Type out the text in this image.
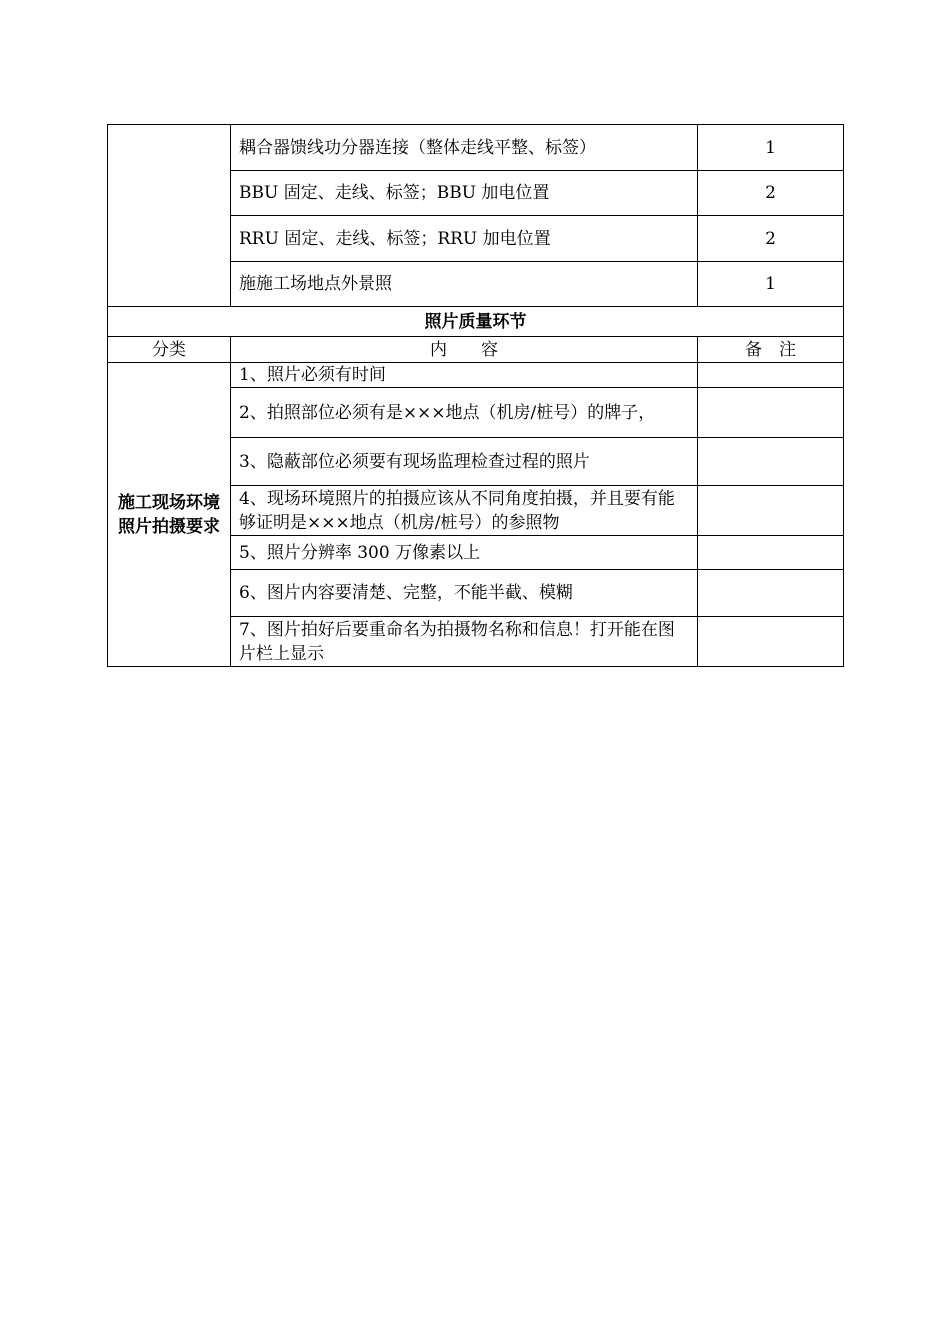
	耦合器馈线功分器连接（整体走线平整、标签）	1
	BBU 固定、走线、标签；BBU 加电位置	2
	RRU 固定、走线、标签；RRU 加电位置	2
	施施工场地点外景照	1
照片质量环节		
分类	内　　容	备　注
施工现场环境照片拍摄要求	1、照片必须有时间	
	2、拍照部位必须有是×××地点（机房/桩号）的牌子，	
	3、隐蔽部位必须要有现场监理检查过程的照片	
	4、现场环境照片的拍摄应该从不同角度拍摄，并且要有能够证明是×××地点（机房/桩号）的参照物	
	5、照片分辨率 300 万像素以上	
	6、图片内容要清楚、完整，不能半截、模糊	
	7、图片拍好后要重命名为拍摄物名称和信息！打开能在图片栏上显示	
